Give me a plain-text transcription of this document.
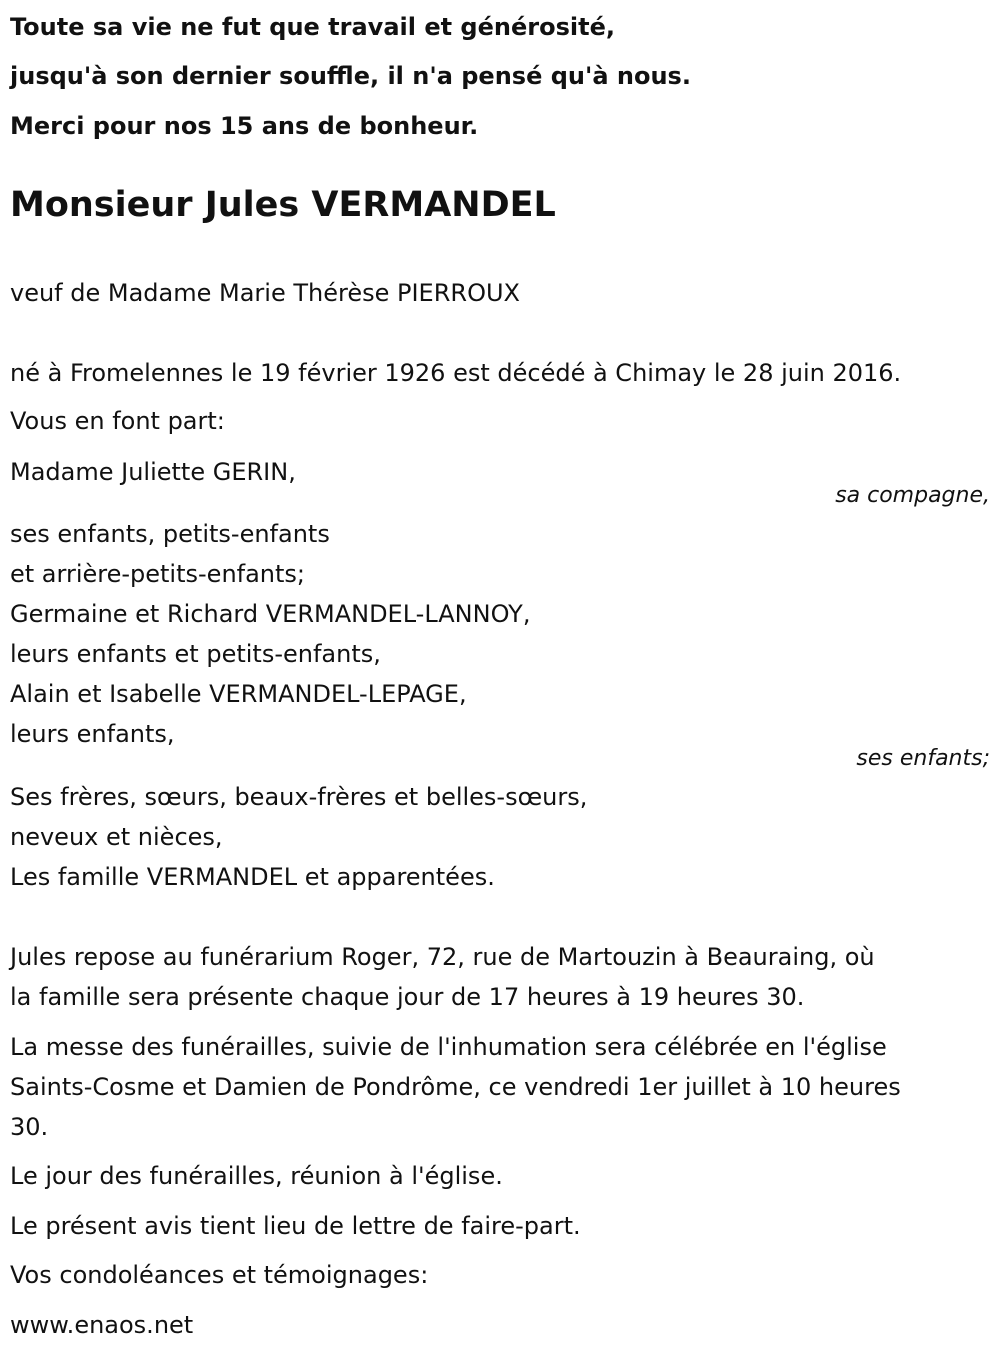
Toute sa vie ne fut que travail et générosité,
jusqu'à son dernier souffle, il n'a pensé qu'à nous.
Merci pour nos 15 ans de bonheur.
Monsieur Jules VERMANDEL
veuf de Madame Marie Thérèse PIERROUX
né à Fromelennes le 19 février 1926 est décédé à Chimay le 28 juin 2016.
Vous en font part:
Madame Juliette GERIN,
sa compagne,
ses enfants, petits-enfants
et arrière-petits-enfants;
Germaine et Richard VERMANDEL-LANNOY,
leurs enfants et petits-enfants,
Alain et Isabelle VERMANDEL-LEPAGE,
leurs enfants,
ses enfants;
Ses frères, sœurs, beaux-frères et belles-sœurs,
neveux et nièces,
Les famille VERMANDEL et apparentées.
Jules repose au funérarium Roger, 72, rue de Martouzin à Beauraing, où
la famille sera présente chaque jour de 17 heures à 19 heures 30.
La messe des funérailles, suivie de l'inhumation sera célébrée en l'église
Saints-Cosme et Damien de Pondrôme, ce vendredi 1er juillet à 10 heures
30.
Le jour des funérailles, réunion à l'église.
Le présent avis tient lieu de lettre de faire-part.
Vos condoléances et témoignages:
www.enaos.net
